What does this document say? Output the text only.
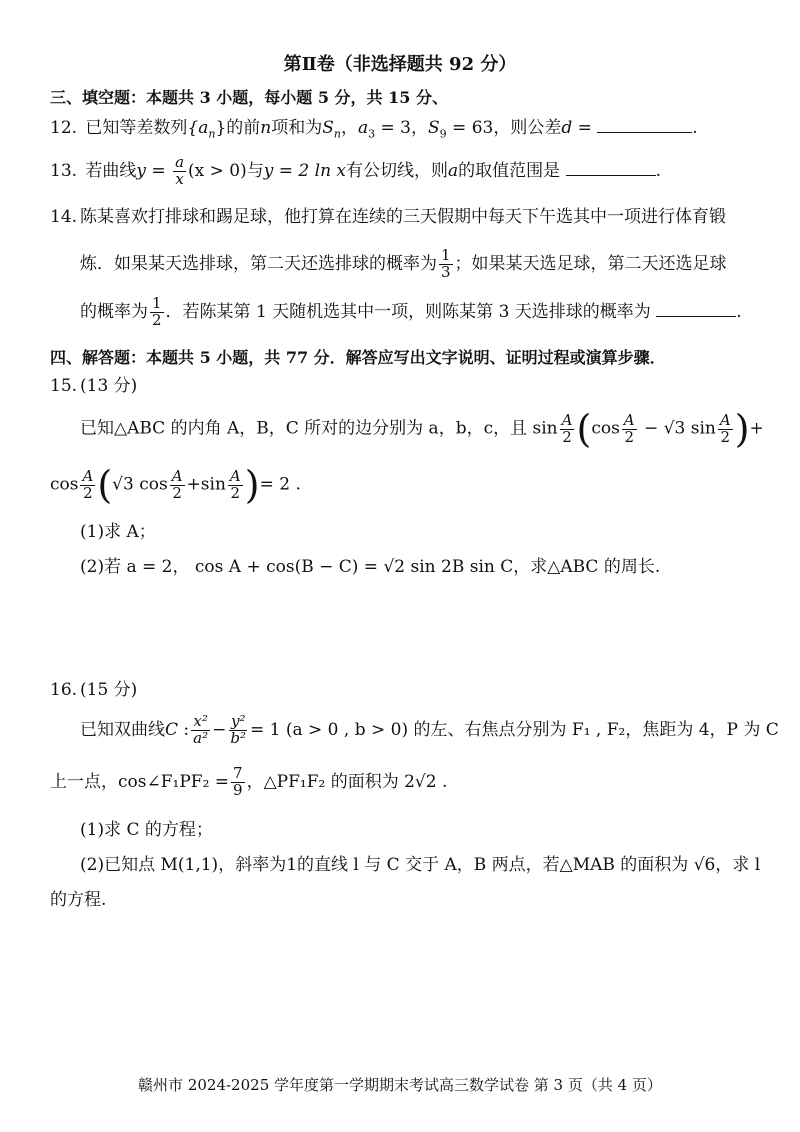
第Ⅱ卷（非选择题共 92 分）
三、填空题：本题共 3 小题，每小题 5 分，共 15 分、
12. 已知等差数列$\{a_n\}$的前n项和为$S_n$，$a_3 = 3$，$S_9 = 63$，则公差d =	.
13. 若曲线$y = \frac{a}{x} (x > 0)$与y = 2 ln x有公切线，则a的取值范围是	.
14. 陈某喜欢打排球和踢足球，他打算在连续的三天假期中每天下午选其中一项进行体育锻
炼．如果某天选排球，第二天还选排球的概率为 $\frac{1}{3}$ ；如果某天选足球，第二天还选足球
的概率为 $\frac{1}{2}$ ．若陈某第 1 天随机选其中一项，则陈某第 3 天选排球的概率为	.
四、解答题：本题共 5 小题，共 77 分．解答应写出文字说明、证明过程或演算步骤．
15. (13 分)
已知△ABC 的内角 A，B，C 所对的边分别为 a，b，c，且 $\sin \frac{A}{2} (\cos \frac{A}{2} - √3$ $\sin \frac{A}{2}$ )+
$\cos \frac{A}{2} (√3$ $\cos \frac{A}{2} +\sin \frac{A}{2}$ )= 2 .
(1)求 A；
(2)若 a = 2， cos A + cos(B − C) = √2 sin 2B sin C，求△ABC 的周长.
16. (15 分)
已知双曲线C : $\frac{\text{x²}}{\text{a²}} - \frac{\text{y²}}{\text{b²}} = 1$ (a > 0 , b > 0) 的左、右焦点分别为 F₁ , F₂，焦距为 4，P 为 C
上一点，cos∠F₁PF₂ = $\frac{7}{9}$ ，△PF₁F₂ 的面积为 2√2 .
(1)求 C 的方程；
(2)已知点 M(1,1)，斜率为1的直线 l 与 C 交于 A，B 两点，若△MAB 的面积为 √6，求 l
的方程.
赣州市 2024-2025 学年度第一学期期末考试高三数学试卷 第 3 页（共 4 页）
